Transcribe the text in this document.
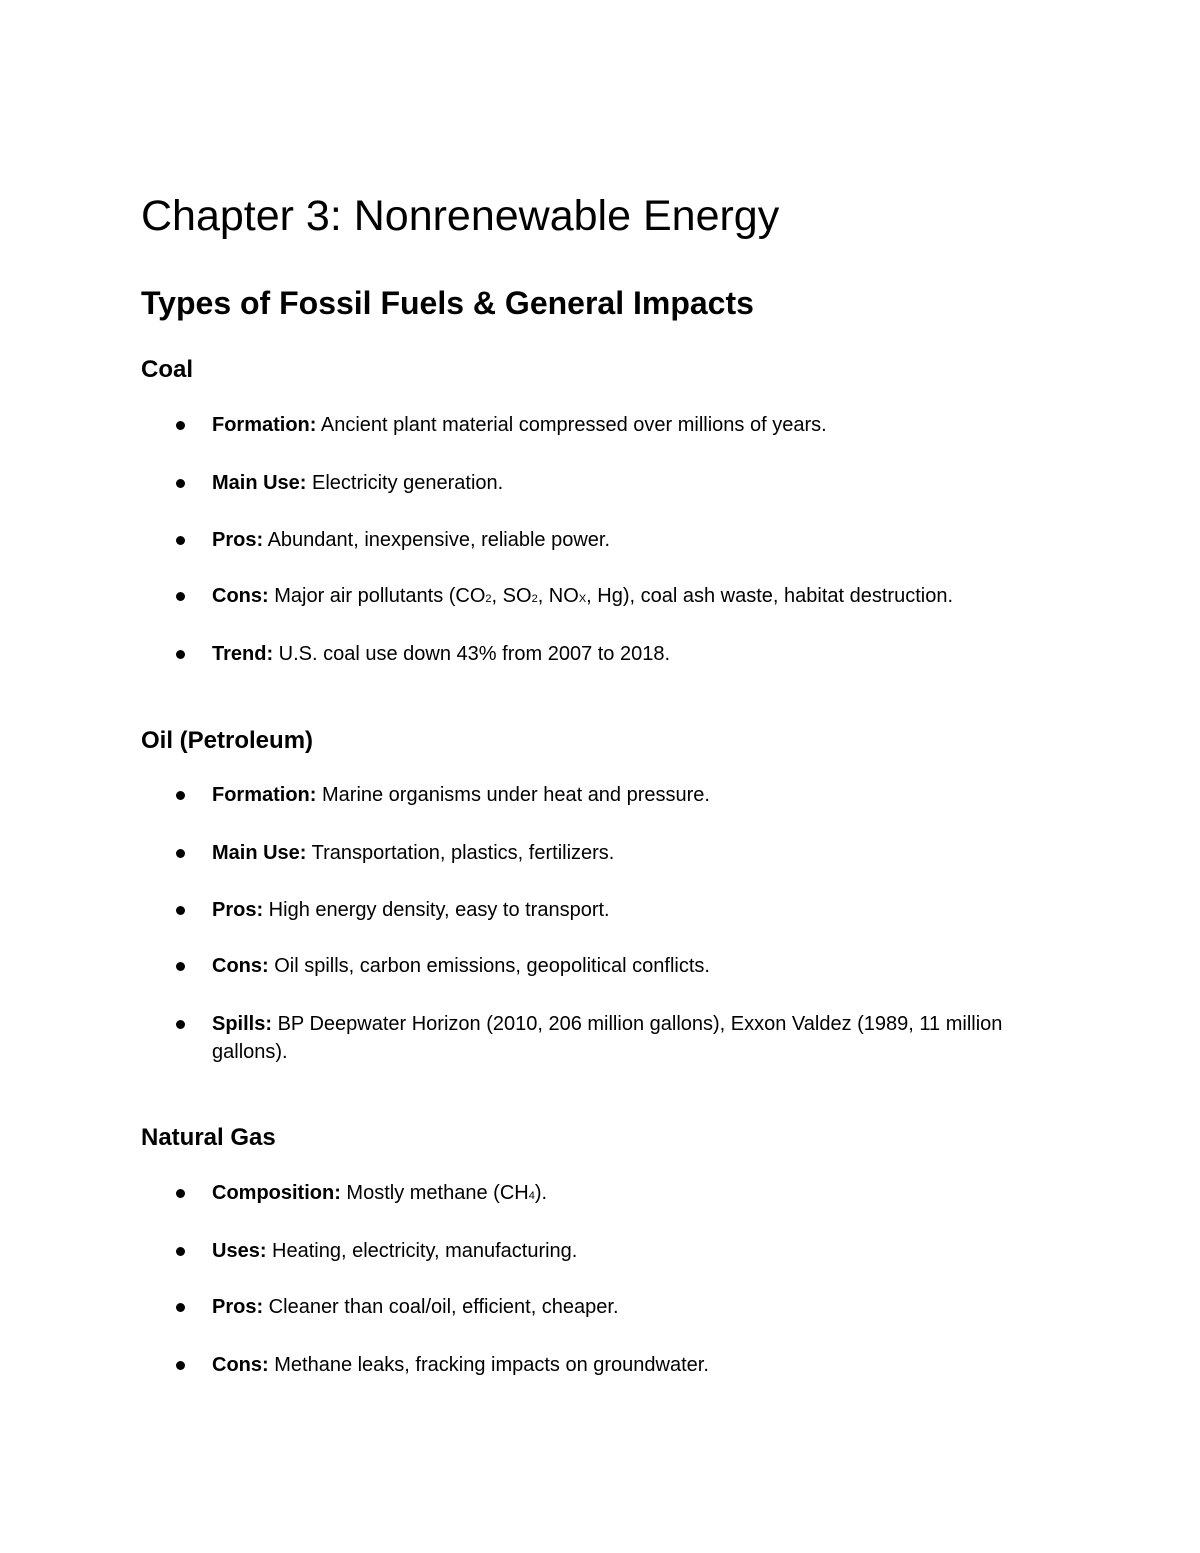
Chapter 3: Nonrenewable Energy
Types of Fossil Fuels & General Impacts
Coal
Formation: Ancient plant material compressed over millions of years.
Main Use: Electricity generation.
Pros: Abundant, inexpensive, reliable power.
Cons: Major air pollutants (CO2, SO2, NOX, Hg), coal ash waste, habitat destruction.
Trend: U.S. coal use down 43% from 2007 to 2018.
Oil (Petroleum)
Formation: Marine organisms under heat and pressure.
Main Use: Transportation, plastics, fertilizers.
Pros: High energy density, easy to transport.
Cons: Oil spills, carbon emissions, geopolitical conflicts.
Spills: BP Deepwater Horizon (2010, 206 million gallons), Exxon Valdez (1989, 11 million gallons).
Natural Gas
Composition: Mostly methane (CH4).
Uses: Heating, electricity, manufacturing.
Pros: Cleaner than coal/oil, efficient, cheaper.
Cons: Methane leaks, fracking impacts on groundwater.
